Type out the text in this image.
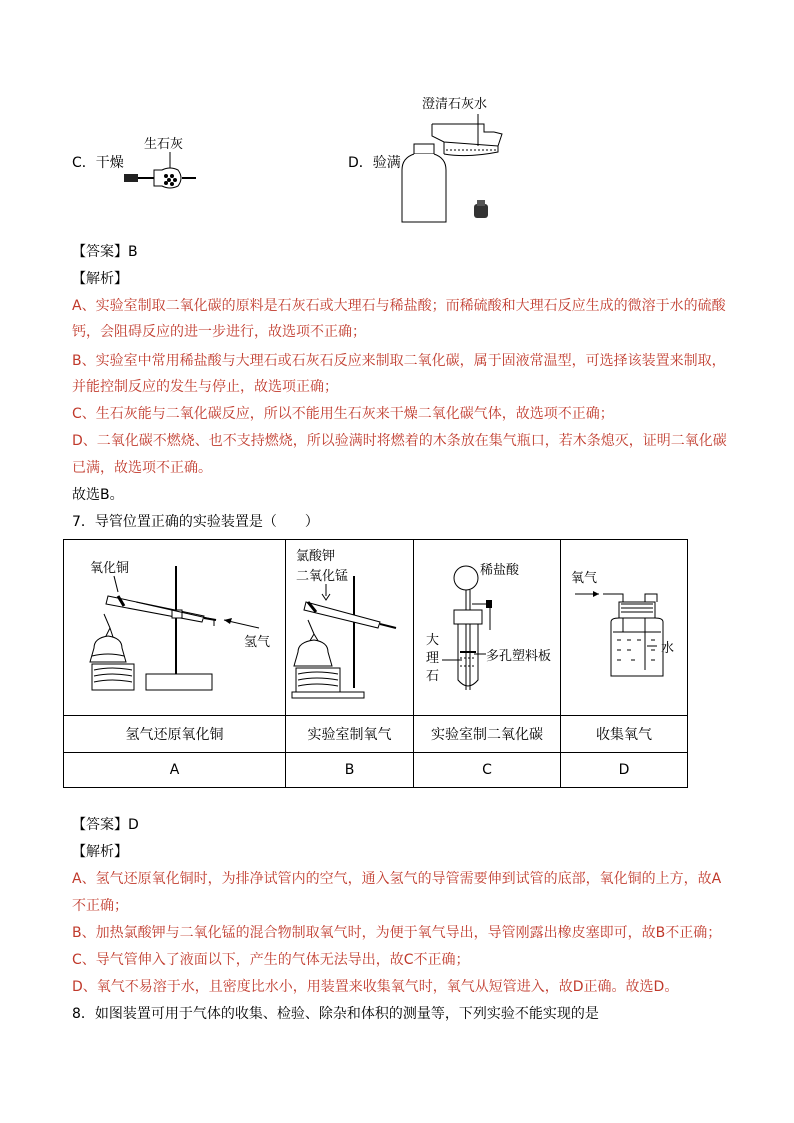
C．干燥
生石灰
D．验满
澄清石灰水
【答案】B
【解析】
A、实验室制取二氧化碳的原料是石灰石或大理石与稀盐酸；而稀硫酸和大理石反应生成的微溶于水的硫酸
钙，会阻碍反应的进一步进行，故选项不正确；
B、实验室中常用稀盐酸与大理石或石灰石反应来制取二氧化碳，属于固液常温型，可选择该装置来制取，
并能控制反应的发生与停止，故选项正确；
C、生石灰能与二氧化碳反应，所以不能用生石灰来干燥二氧化碳气体，故选项不正确；
D、二氧化碳不燃烧、也不支持燃烧，所以验满时将燃着的木条放在集气瓶口，若木条熄灭，证明二氧化碳
已满，故选项不正确。
故选B。
7．导管位置正确的实验装置是（　　）
氧化铜
氢气	氯酸钾
二氧化锰	稀盐酸
大
理
石
多孔塑料板	氧气
水

氢气还原氧化铜	实验室制氧气	实验室制二氧化碳	收集氧气
A	B	C	D
【答案】D
【解析】
A、氢气还原氧化铜时，为排净试管内的空气，通入氢气的导管需要伸到试管的底部，氧化铜的上方，故A
不正确；
B、加热氯酸钾与二氧化锰的混合物制取氧气时，为便于氧气导出，导管刚露出橡皮塞即可，故B不正确；
C、导气管伸入了液面以下，产生的气体无法导出，故C不正确；
D、氧气不易溶于水，且密度比水小，用装置来收集氧气时，氧气从短管进入，故D正确。故选D。
8．如图装置可用于气体的收集、检验、除杂和体积的测量等，下列实验不能实现的是
